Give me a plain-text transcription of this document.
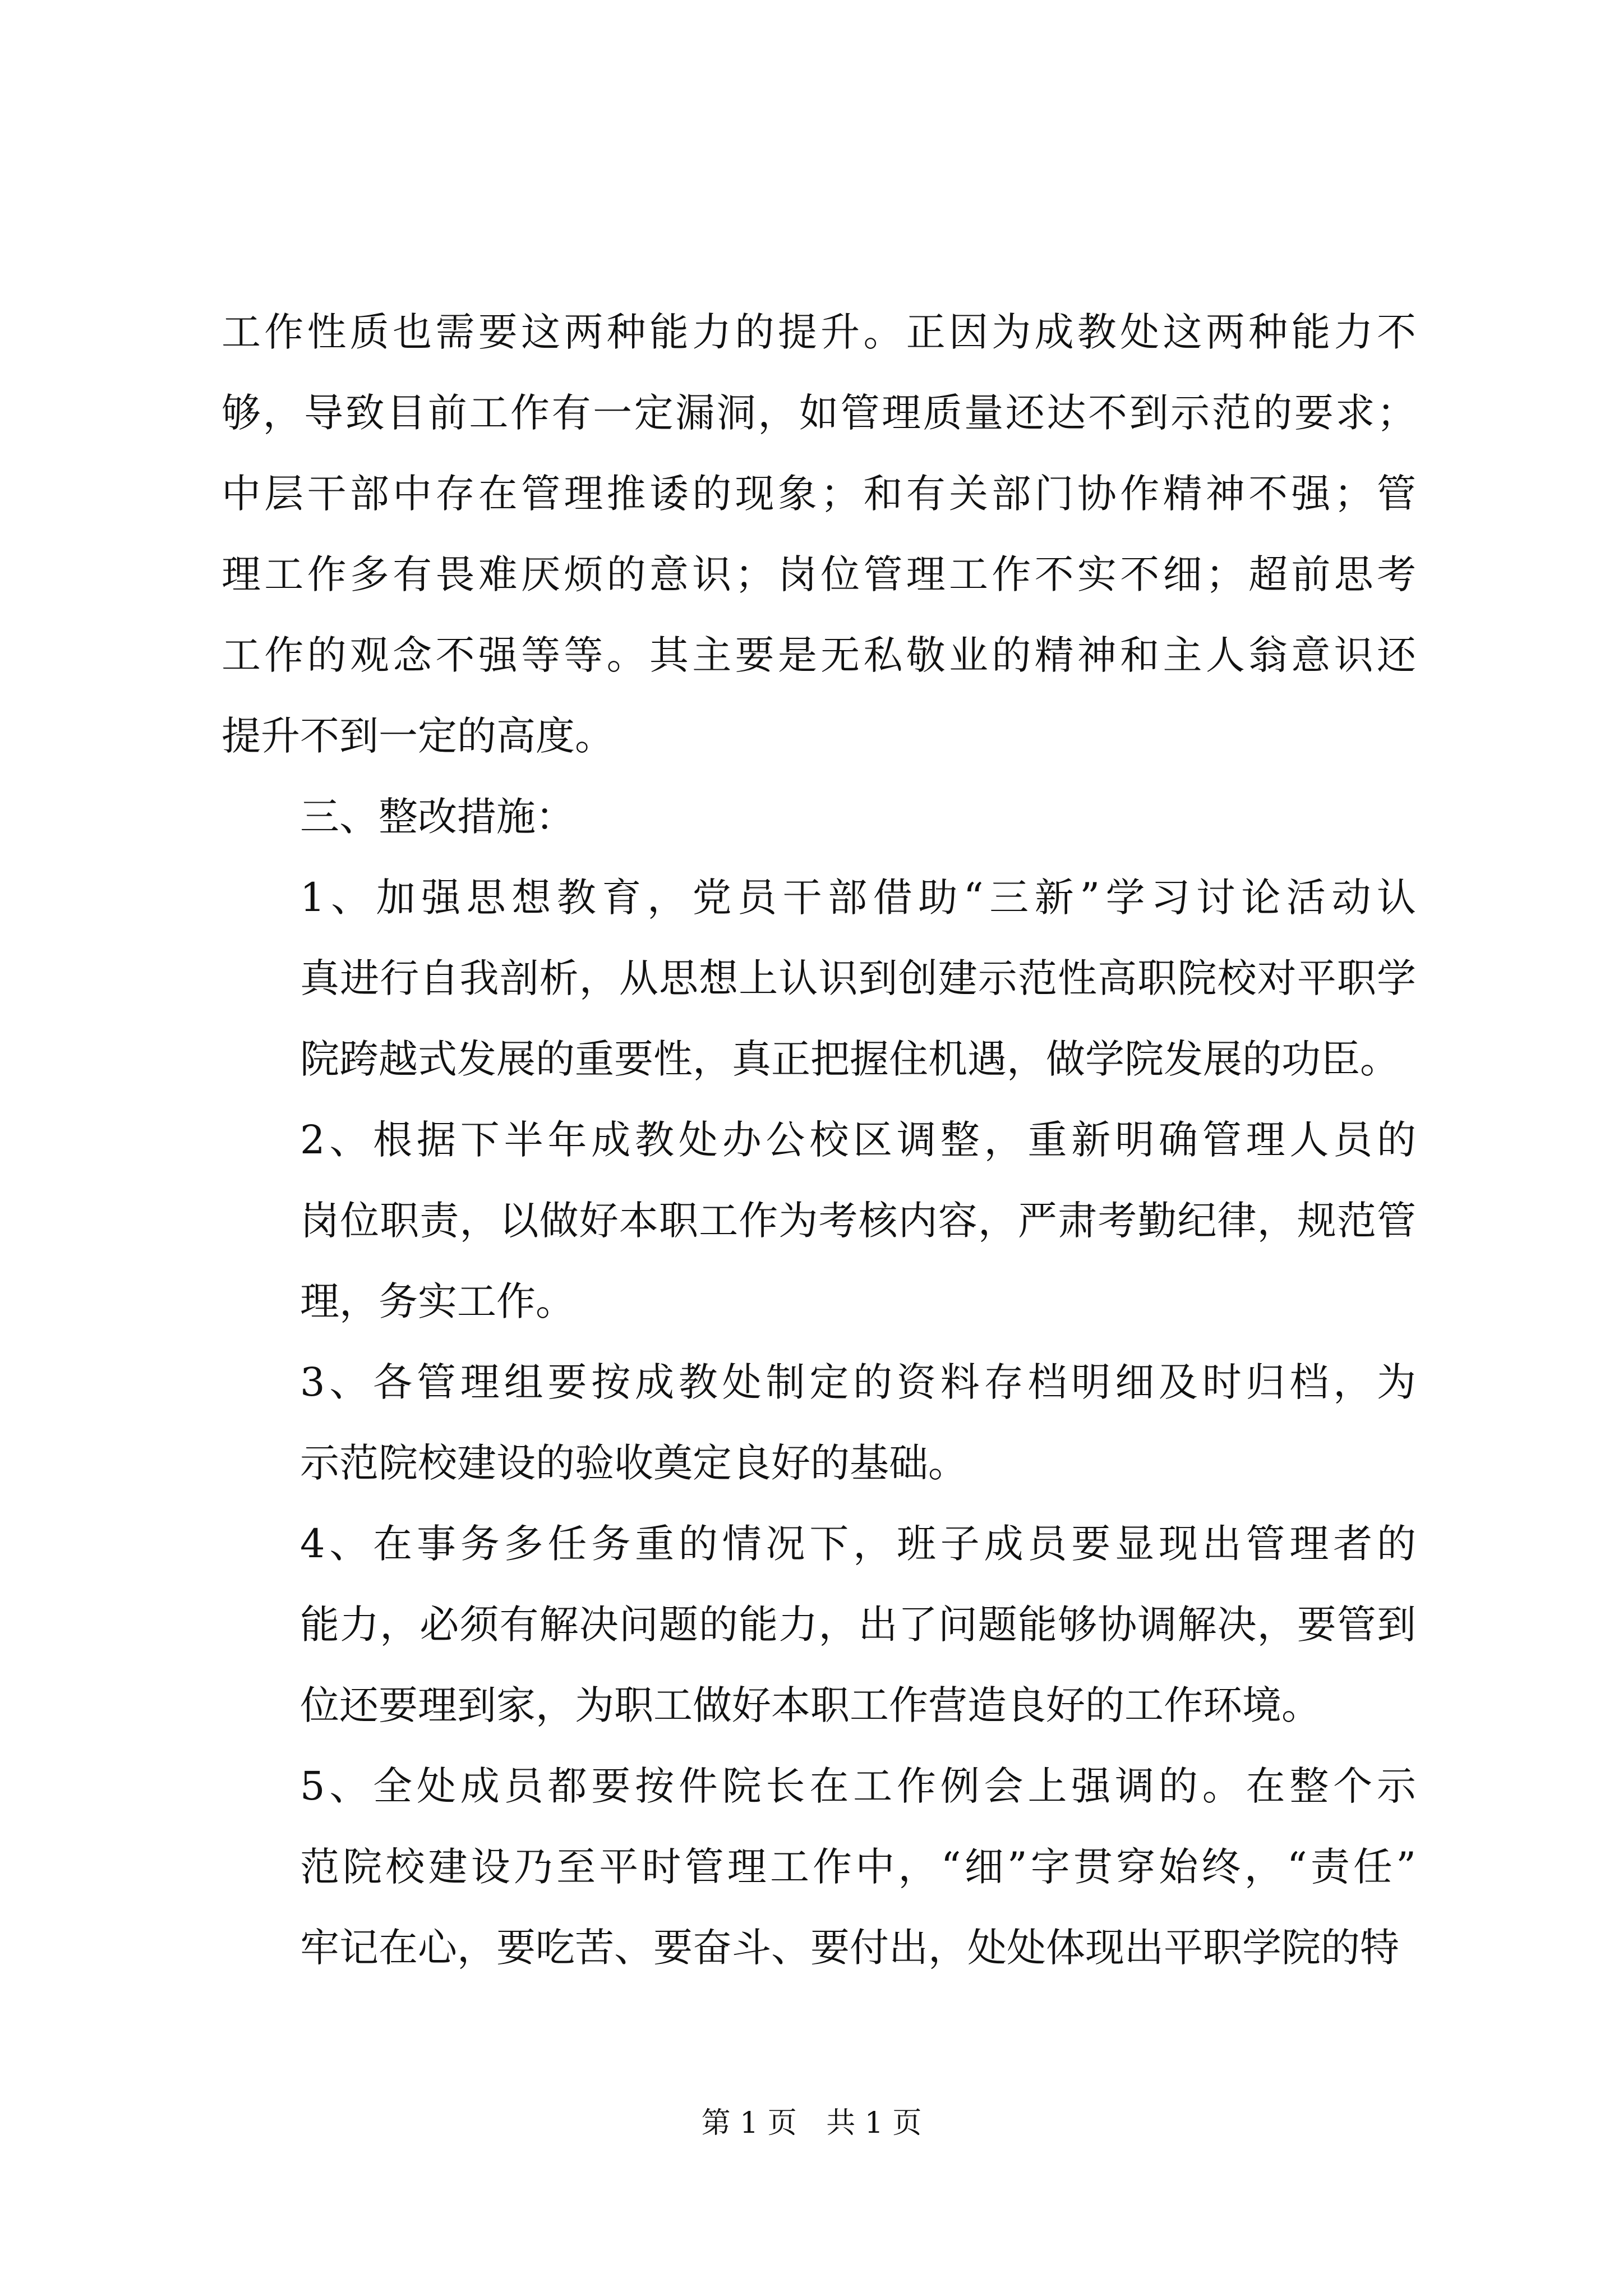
工作性质也需要这两种能力的提升。正因为成教处这两种能力不
够，导致目前工作有一定漏洞，如管理质量还达不到示范的要求；
中层干部中存在管理推诿的现象；和有关部门协作精神不强；管
理工作多有畏难厌烦的意识；岗位管理工作不实不细；超前思考
工作的观念不强等等。其主要是无私敬业的精神和主人翁意识还
提升不到一定的高度。

三、整改措施：

1、加强思想教育，党员干部借助“三新”学习讨论活动认
真进行自我剖析，从思想上认识到创建示范性高职院校对平职学
院跨越式发展的重要性，真正把握住机遇，做学院发展的功臣。

2、根据下半年成教处办公校区调整，重新明确管理人员的
岗位职责，以做好本职工作为考核内容，严肃考勤纪律，规范管
理，务实工作。

3、各管理组要按成教处制定的资料存档明细及时归档，为
示范院校建设的验收奠定良好的基础。

4、在事务多任务重的情况下，班子成员要显现出管理者的
能力，必须有解决问题的能力，出了问题能够协调解决，要管到
位还要理到家，为职工做好本职工作营造良好的工作环境。

5、全处成员都要按件院长在工作例会上强调的。在整个示
范院校建设乃至平时管理工作中，“细”字贯穿始终，“责任”
牢记在心，要吃苦、要奋斗、要付出，处处体现出平职学院的特

第 1 页 共 1 页
